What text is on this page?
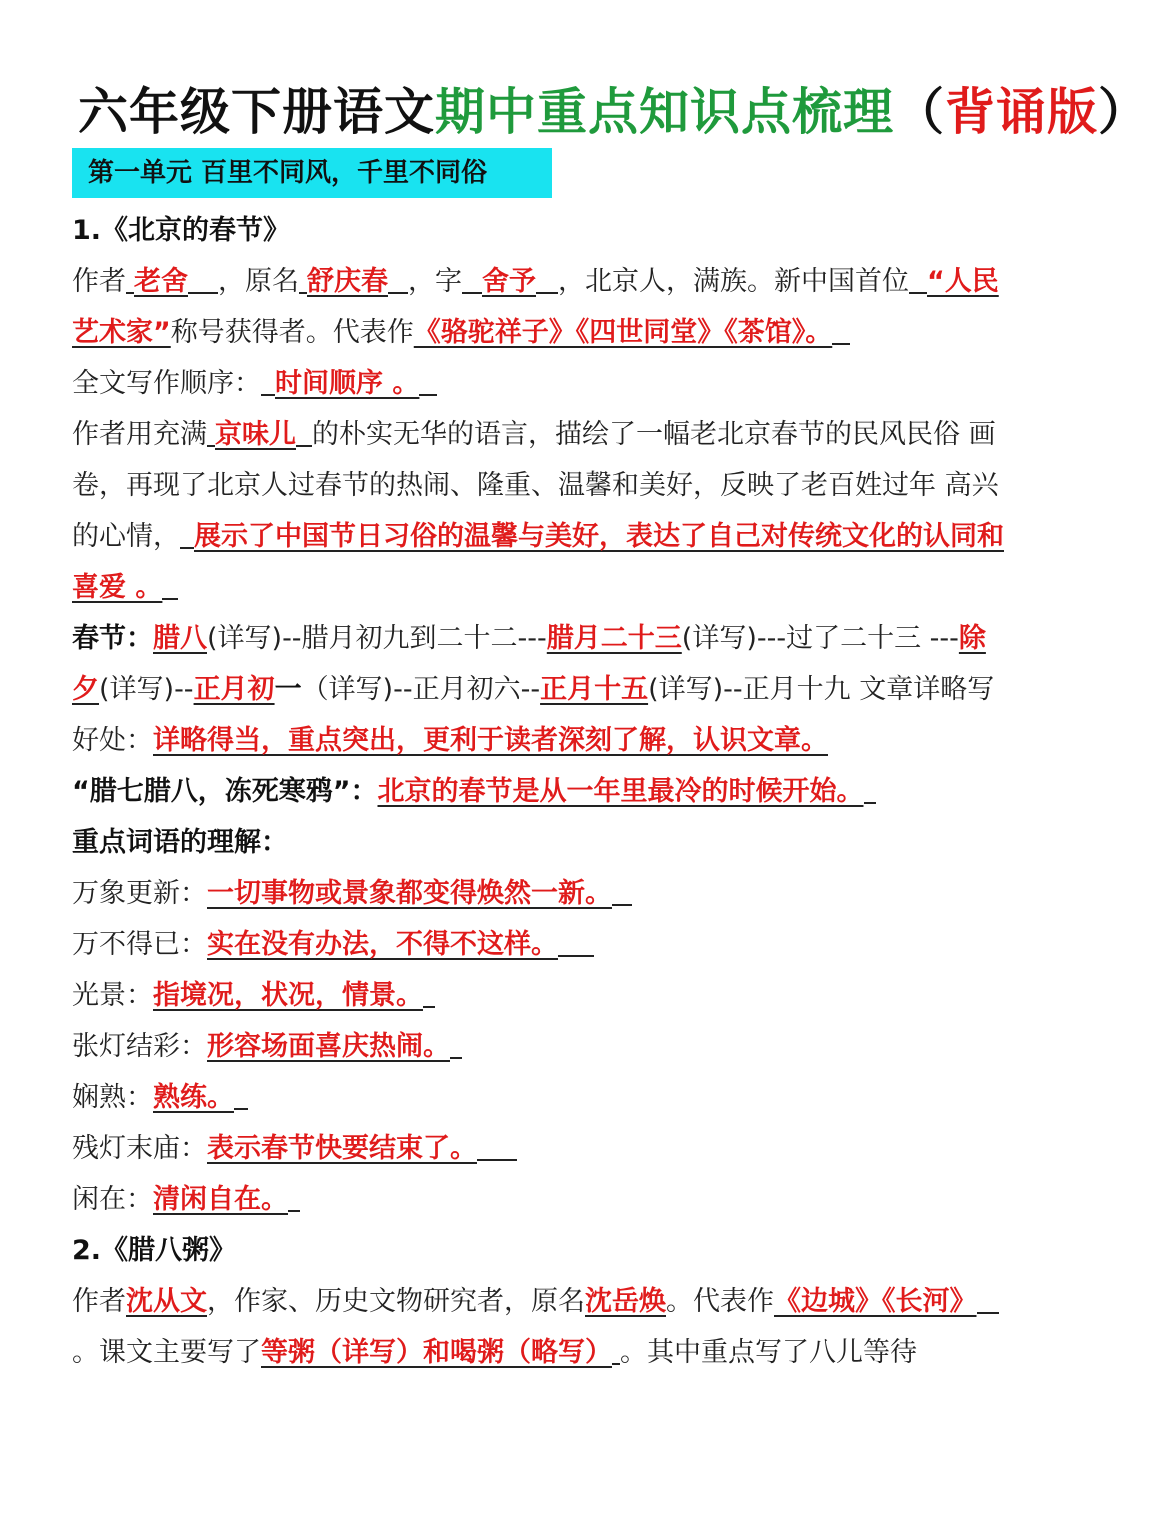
六年级下册语文期中重点知识点梳理（背诵版）
第一单元 百里不同风，千里不同俗

1.《北京的春节》

作者 老舍 ，原名 舒庆春 ，字 舍予 ，北京人，满族。新中国首位 “人民艺术家”称号获得者。代表作《骆驼祥子》《四世同堂》《茶馆》。

全文写作顺序： 时间顺序 。

作者用充满 京味儿 的朴实无华的语言，描绘了一幅老北京春节的民风民俗 画卷，再现了北京人过春节的热闹、隆重、温馨和美好，反映了老百姓过年 高兴的心情， 展示了中国节日习俗的温馨与美好，表达了自己对传统文化的认同和喜爱 。

春节：腊八(详写)--腊月初九到二十二---腊月二十三(详写)---过了二十三 ---除夕(详写)--正月初一（详写)--正月初六--正月十五(详写)--正月十九 文章详略写好处：详略得当，重点突出，更利于读者深刻了解，认识文章。

“腊七腊八，冻死寒鸦”：北京的春节是从一年里最冷的时候开始。

重点词语的理解：

万象更新：一切事物或景象都变得焕然一新。

万不得已：实在没有办法，不得不这样。

光景：指境况，状况，情景。

张灯结彩：形容场面喜庆热闹。

娴熟：熟练。

残灯末庙：表示春节快要结束了。

闲在：清闲自在。

2.《腊八粥》

作者沈从文，作家、历史文物研究者，原名沈岳焕。代表作《边城》《长河》。课文主要写了等粥（详写）和喝粥（略写） 。其中重点写了八儿等待
